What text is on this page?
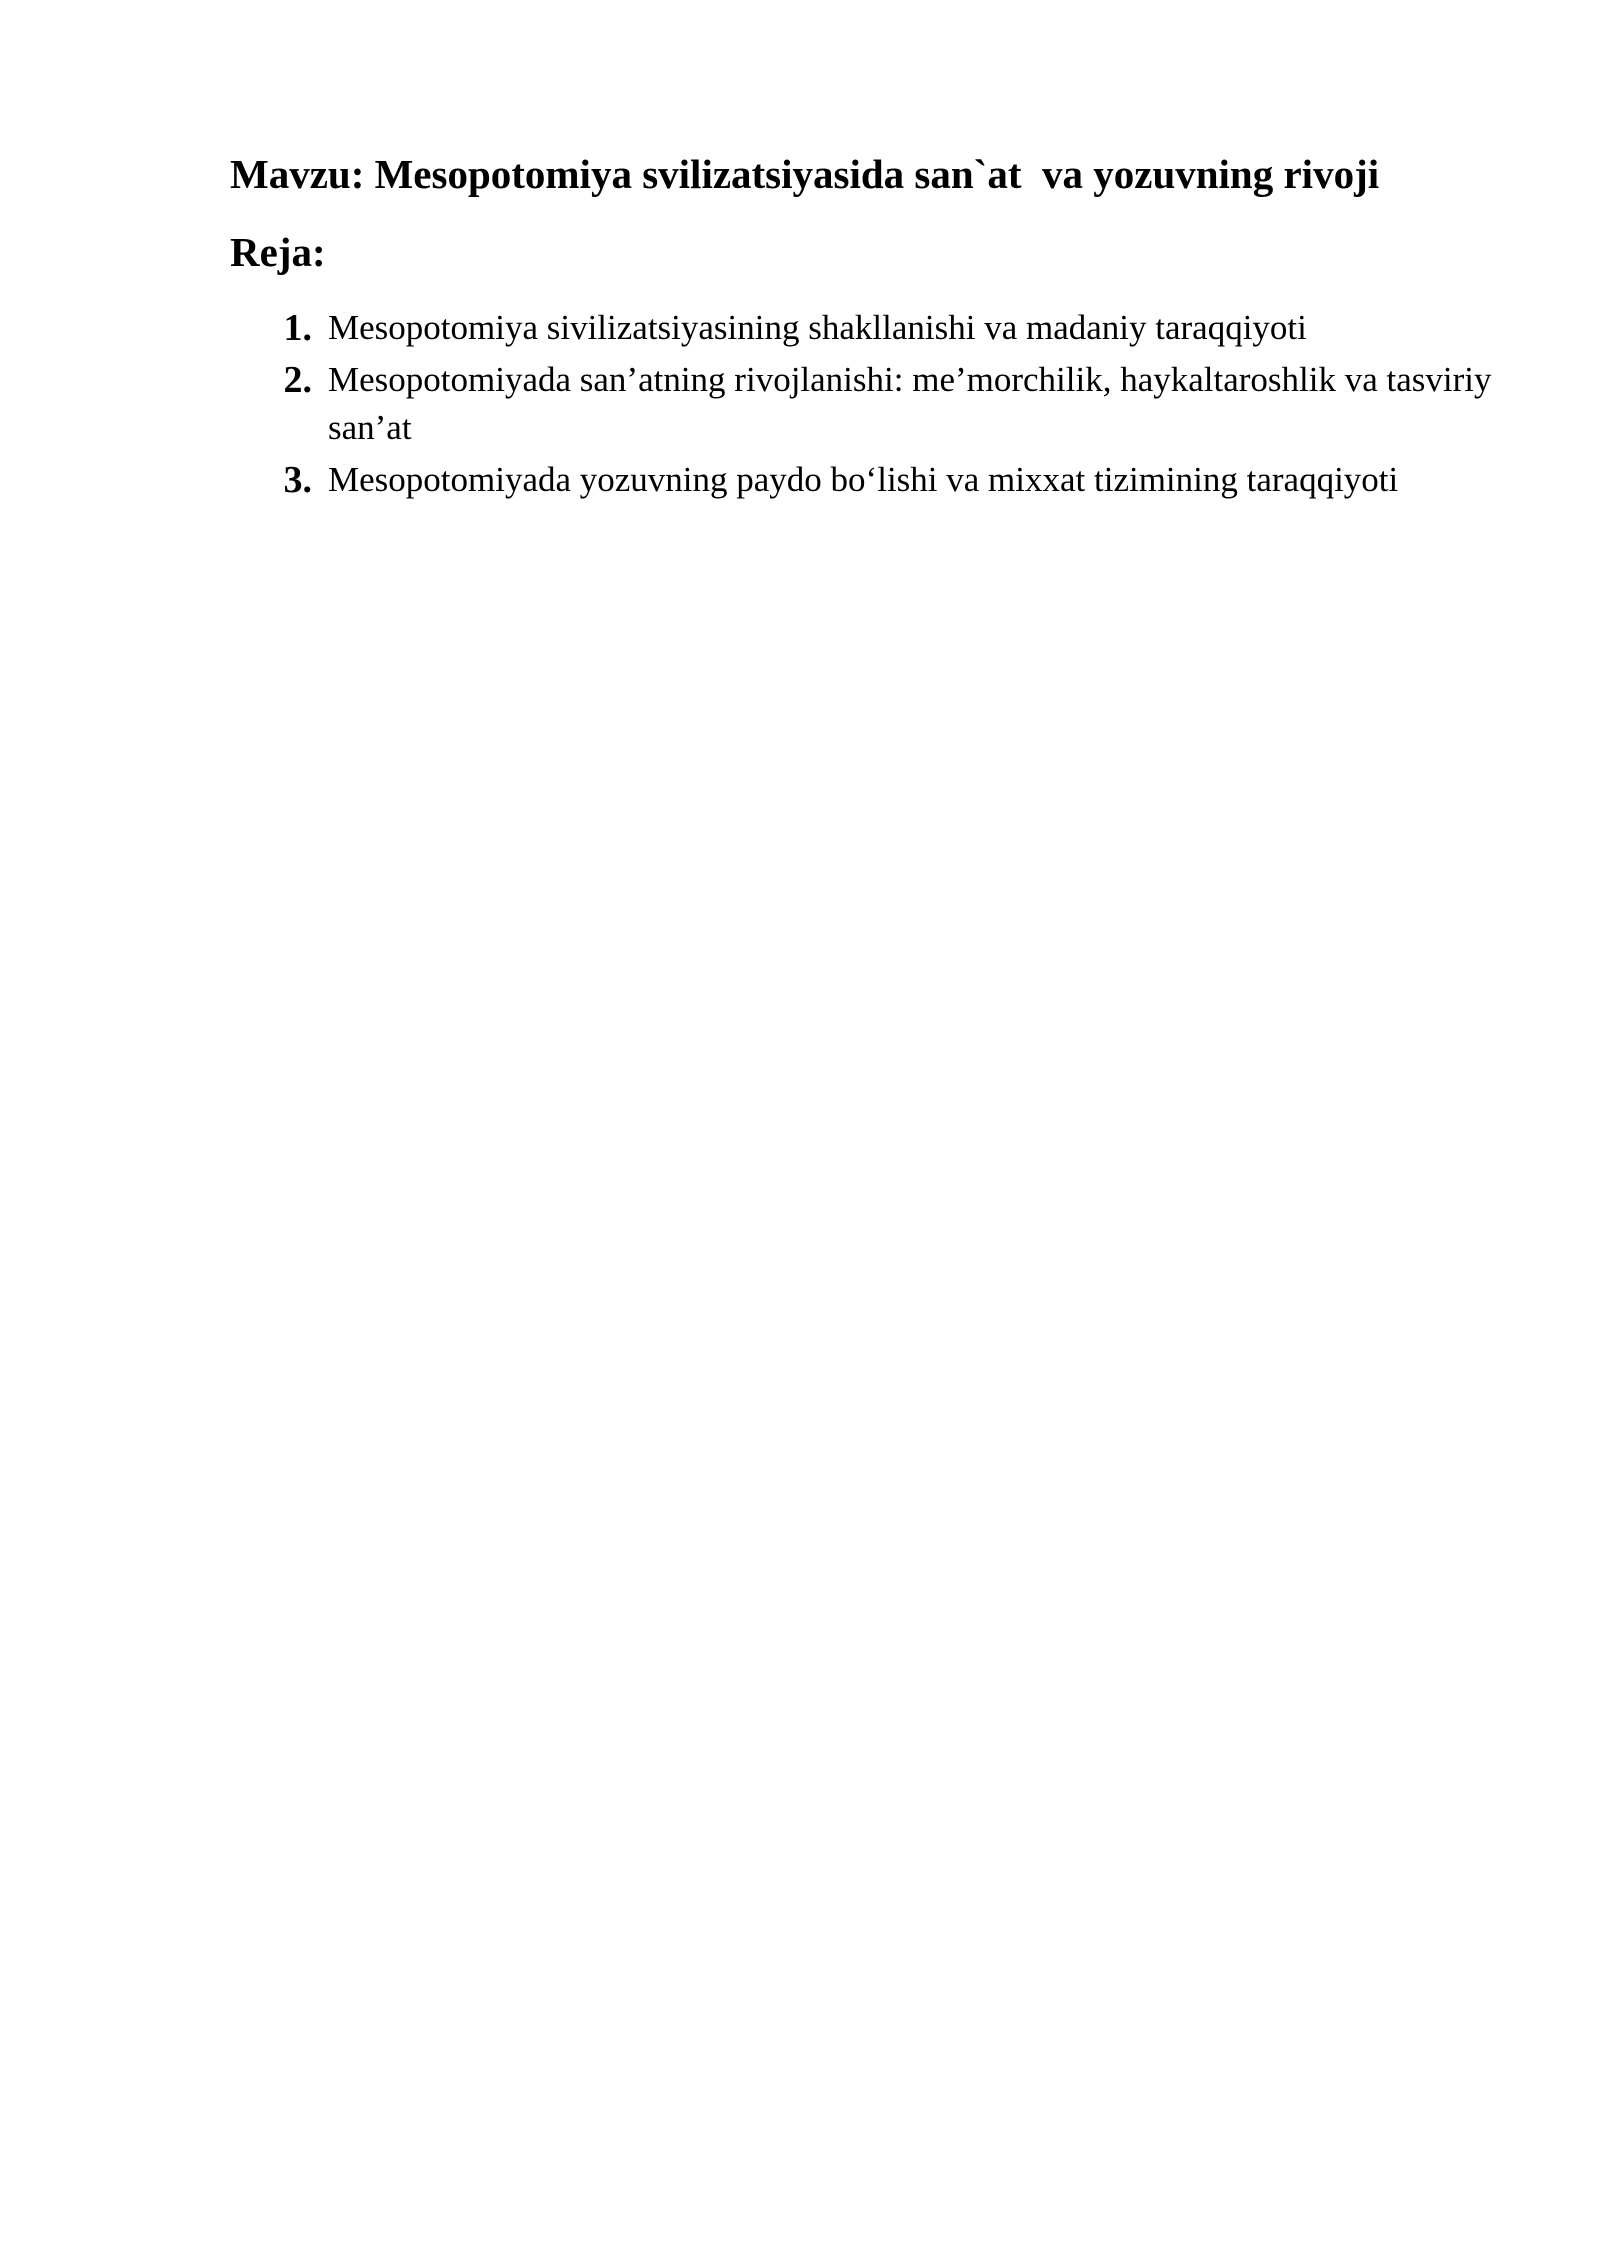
Mavzu: Mesopotomiya svilizatsiyasida san`at  va yozuvning rivoji
Reja:
1. Mesopotomiya sivilizatsiyasining shakllanishi va madaniy taraqqiyoti
2. Mesopotomiyada san’atning rivojlanishi: me’morchilik, haykaltaroshlik va tasviriy san’at
3. Mesopotomiyada yozuvning paydo bo‘lishi va mixxat tizimining taraqqiyoti
